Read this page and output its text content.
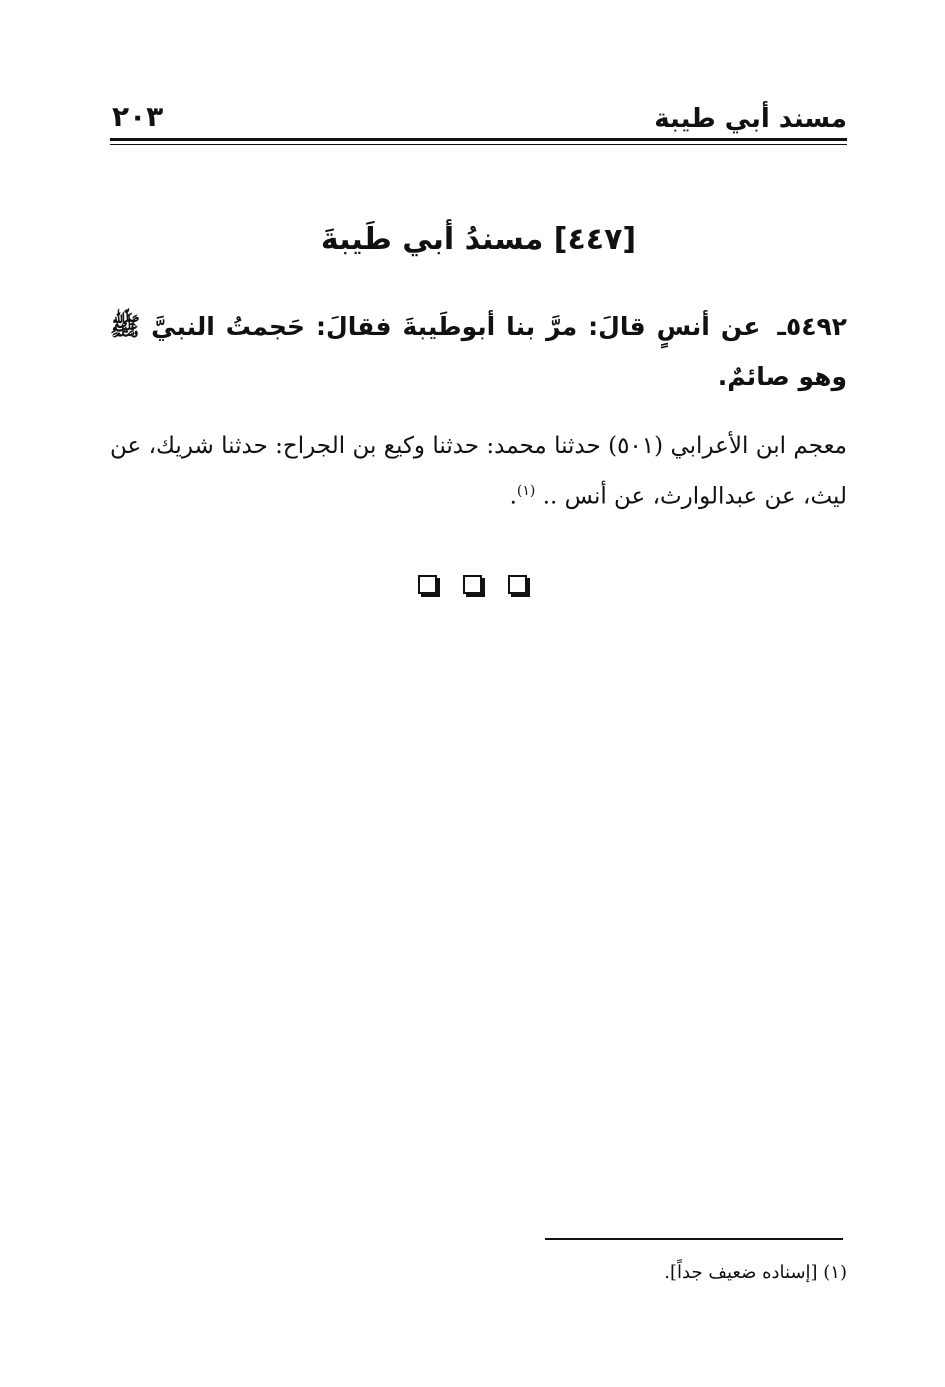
مسند أبي طيبة
٢٠٣
[٤٤٧] مسندُ أبي طَيبةَ
٥٤٩٢ـ عن أنسٍ قالَ: مرَّ بنا أبوطَيبةَ فقالَ: حَجمتُ النبيَّ ﷺ وهو صائمٌ.
معجم ابن الأعرابي (٥٠١) حدثنا محمد: حدثنا وكيع بن الجراح: حدثنا شريك، عن ليث، عن عبدالوارث، عن أنس .. $^{(١)}$.
(١) [إسناده ضعيف جداً].
